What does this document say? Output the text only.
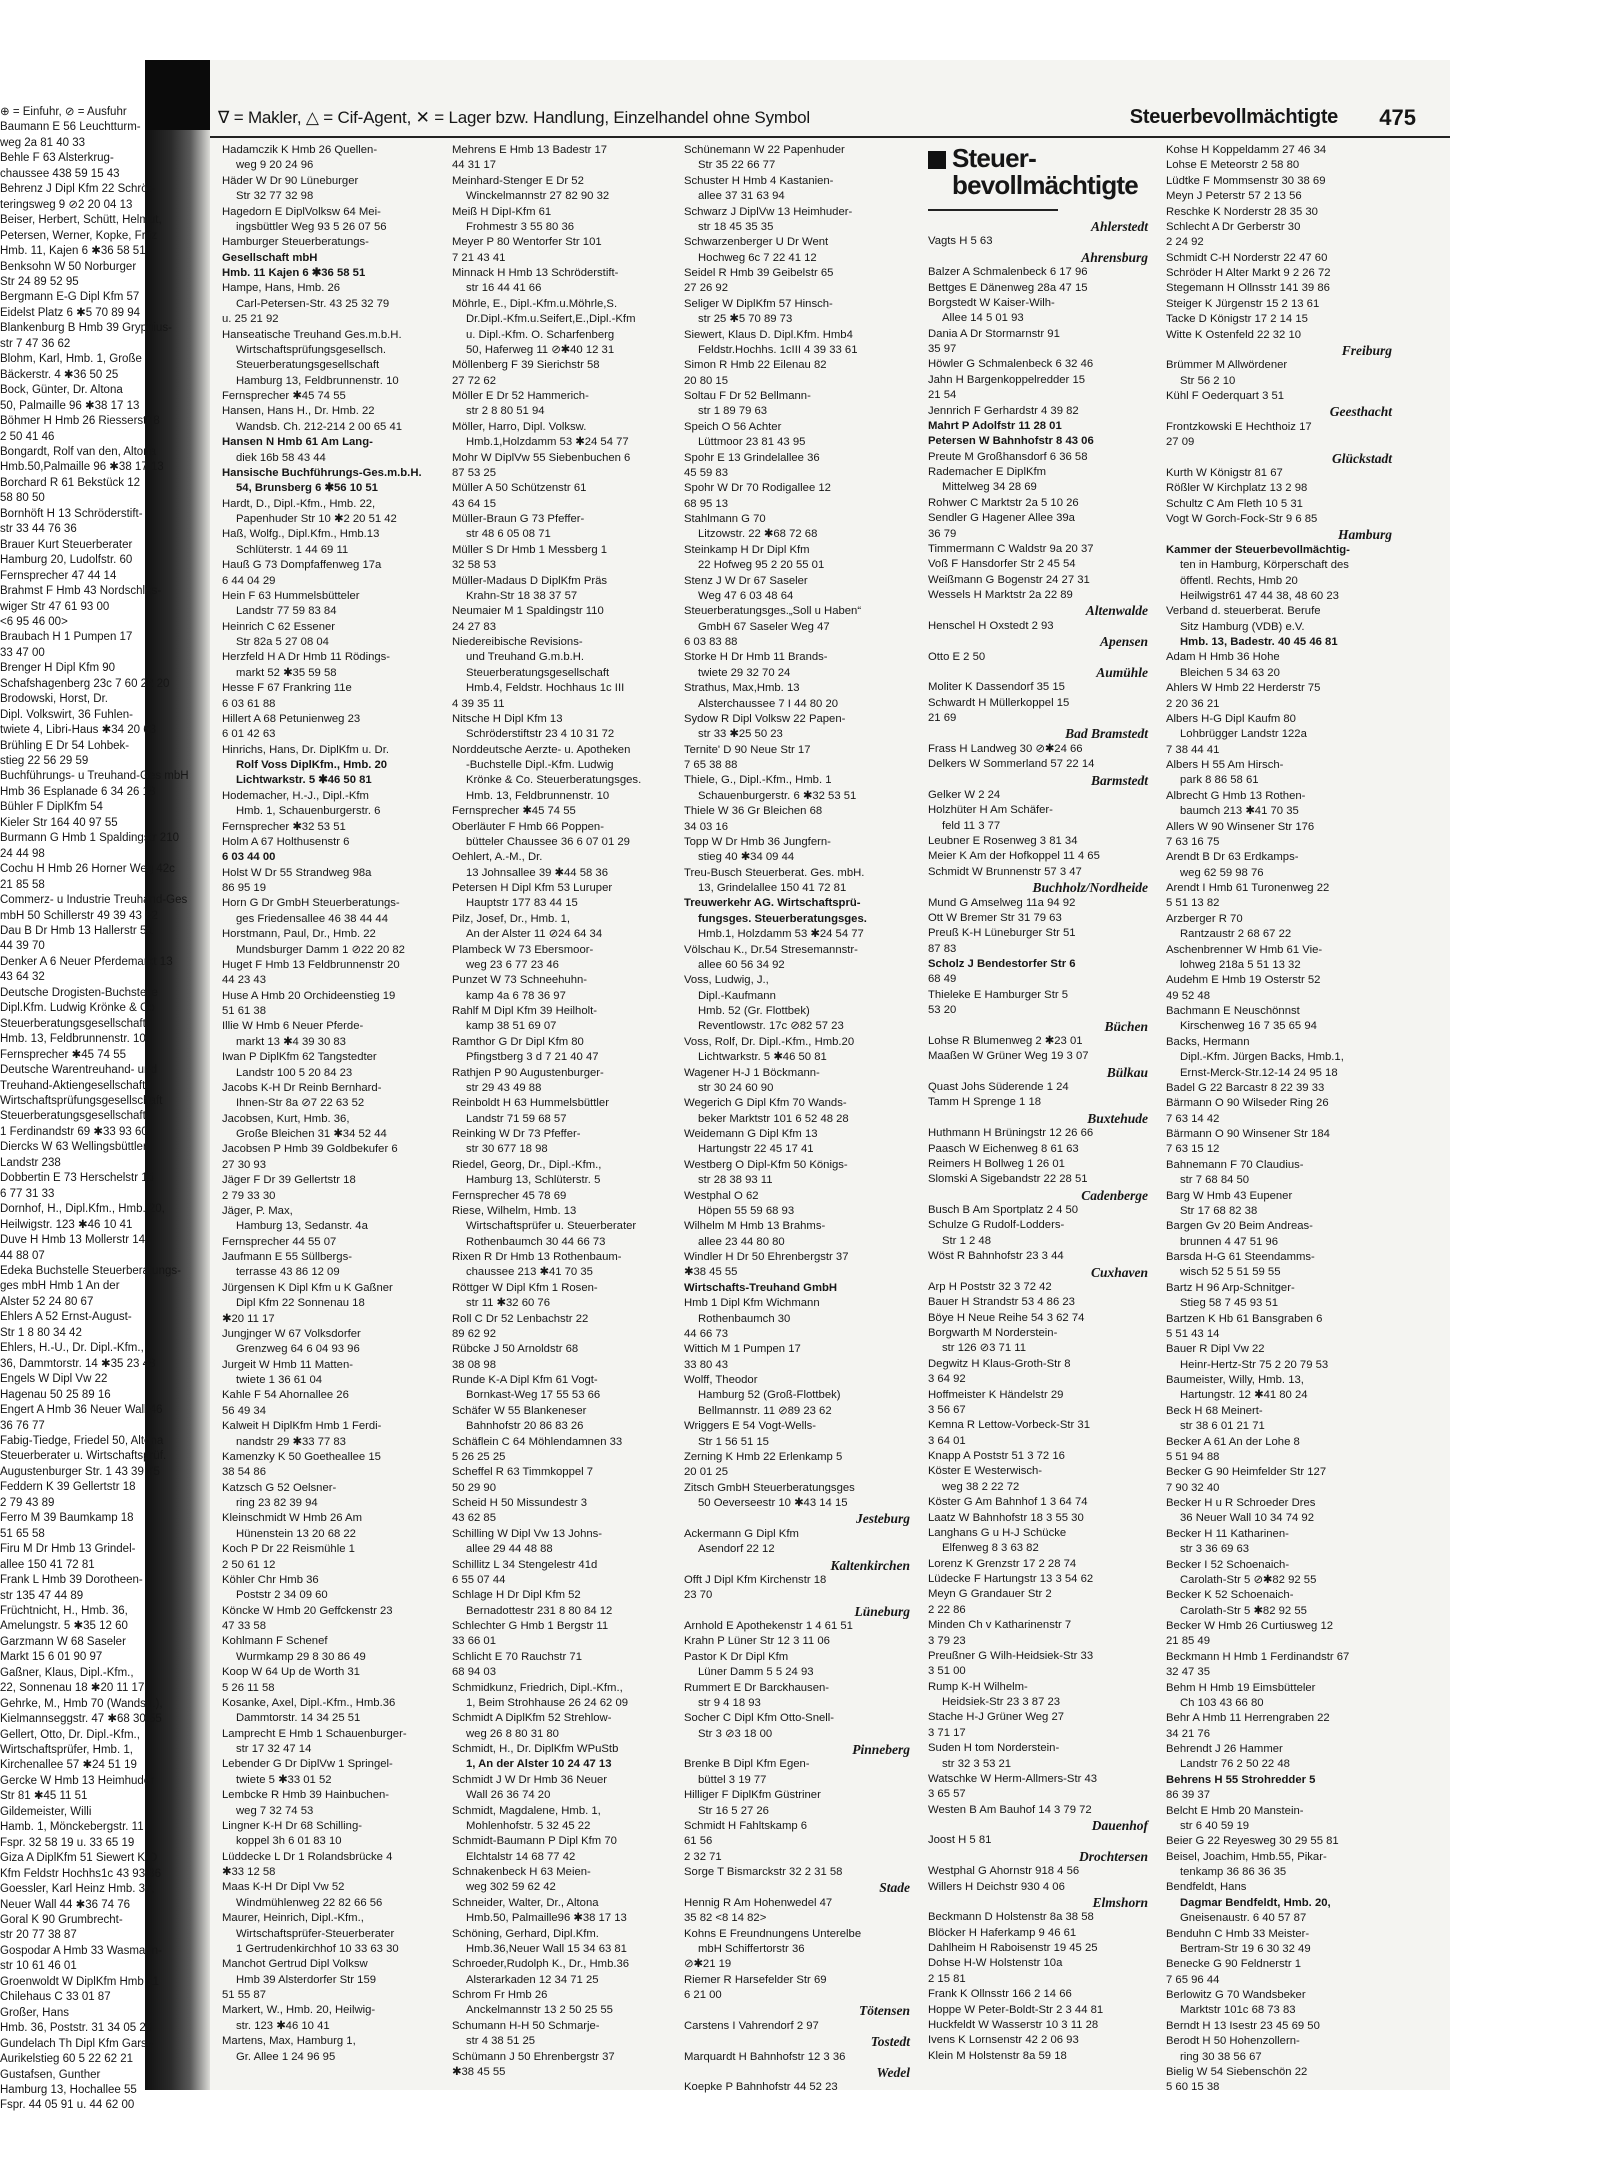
⊕ = Einfuhr, ⊘ = Ausfuhr
Baumann E 56 Leuchtturm-
weg 2a 81 40 33
Behle F 63 Alsterkrug-
chaussee 438 59 15 43
Behrenz J Dipl Kfm 22 Schröt-
teringsweg 9 ⊘2 20 04 13
Beiser, Herbert, Schütt, Helmut,
Petersen, Werner, Kopke, Fritz
Hmb. 11, Kajen 6 ✱36 58 51
Benksohn W 50 Norburger
Str 24 89 52 95
Bergmann E-G Dipl Kfm 57
Eidelst Platz 6 ✱5 70 89 94
Blankenburg B Hmb 39 Gryphius-
str 7 47 36 62
Blohm, Karl, Hmb. 1, Große
Bäckerstr. 4 ✱36 50 25
Bock, Günter, Dr. Altona
50, Palmaille 96 ✱38 17 13
Böhmer H Hmb 26 Riesserstr 8
2 50 41 46
Bongardt, Rolf van den, Altona
Hmb.50,Palmaille 96 ✱38 17 13
Borchard R 61 Bekstück 12
58 80 50
Bornhöft H 13 Schröderstift-
str 33 44 76 36
Brauer Kurt Steuerberater
Hamburg 20, Ludolfstr. 60
Fernsprecher 47 44 14
Brahmst F Hmb 43 Nordschles-
wiger Str 47 61 93 00
<6 95 46 00>
Braubach H 1 Pumpen 17
33 47 00
Brenger H Dipl Kfm 90
Schafshagenberg 23c 7 60 22 20
Brodowski, Horst, Dr.
Dipl. Volkswirt, 36 Fuhlen-
twiete 4, Libri-Haus ✱34 20 63
Brühling E Dr 54 Lohbek-
stieg 22 56 29 59
Buchführungs- u Treuhand-Ges mbH
Hmb 36 Esplanade 6 34 26 18
Bühler F DiplKfm 54
Kieler Str 164 40 97 55
Burmann G Hmb 1 Spaldingstr 210
24 44 98
Cochu H Hmb 26 Horner Weg 42c
21 85 58
Commerz- u Industrie Treuhand-Ges
mbH 50 Schillerstr 49 39 43 82
Dau B Dr Hmb 13 Hallerstr 5a
44 39 70
Denker A 6 Neuer Pferdemarkt 13
43 64 32
Deutsche Drogisten-Buchstelle
Dipl.Kfm. Ludwig Krönke & Co
Steuerberatungsgesellschaft
Hmb. 13, Feldbrunnenstr. 10
Fernsprecher ✱45 74 55
Deutsche Warentreuhand- und
Treuhand-Aktiengesellschaft
Wirtschaftsprüfungsgesellschaft
Steuerberatungsgesellschaft
1 Ferdinandstr 69 ✱33 93 60
Diercks W 63 Wellingsbüttler
Landstr 238
Dobbertin E 73 Herschelstr 15
6 77 31 33
Dornhof, H., Dipl.Kfm., Hmb. 20,
Heilwigstr. 123 ✱46 10 41
Duve H Hmb 13 Mollerstr 14
44 88 07
Edeka Buchstelle Steuerberatungs-
ges mbH Hmb 1 An der
Alster 52 24 80 67
Ehlers A 52 Ernst-August-
Str 1 8 80 34 42
Ehlers, H.-U., Dr. Dipl.-Kfm.,
36, Dammtorstr. 14 ✱35 23 48
Engels W Dipl Vw 22
Hagenau 50 25 89 16
Engert A Hmb 36 Neuer Wall 46
36 76 77
Fabig-Tiedge, Friedel 50, Altona
Steuerberater u. Wirtschaftsprüf.
Augustenburger Str. 1 43 39 75
Feddern K 39 Gellertstr 18
2 79 43 89
Ferro M 39 Baumkamp 18
51 65 58
Firu M Dr Hmb 13 Grindel-
allee 150 41 72 81
Frank L Hmb 39 Dorotheen-
str 135 47 44 89
Früchtnicht, H., Hmb. 36,
Amelungstr. 5 ✱35 12 60
Garzmann W 68 Saseler
Markt 15 6 01 90 97
Gaßner, Klaus, Dipl.-Kfm.,
22, Sonnenau 18 ✱20 11 17
Gehrke, M., Hmb 70 (Wandsb.),
Kielmannseggstr. 47 ✱68 30 55
Gellert, Otto, Dr. Dipl.-Kfm.,
Wirtschaftsprüfer, Hmb. 1,
Kirchenallee 57 ✱24 51 19
Gercke W Hmb 13 Heimhuder
Str 81 ✱45 11 51
Gildemeister, Willi
Hamb. 1, Mönckebergstr. 11
Fspr. 32 58 19 u. 33 65 19
Giza A DiplKfm 51 Siewert K-D
Kfm Feldstr Hochhs1c 43 93 36
Goessler, Karl Heinz Hmb. 36,
Neuer Wall 44 ✱36 74 76
Goral K 90 Grumbrecht-
str 20 77 38 87
Gospodar A Hmb 33 Wasmann-
str 10 61 46 01
Groenwoldt W DiplKfm Hmb 11
Chilehaus C 33 01 87
Großer, Hans
Hmb. 36, Poststr. 31 34 05 25
Gundelach Th Dipl Kfm Garst-
Aurikelstieg 60 5 22 62 21
Gustafsen, Gunther
Hamburg 13, Hochallee 55
Fspr. 44 05 91 u. 44 62 00
∇ = Makler, △ = Cif-Agent, ✕ = Lager bzw. Handlung, Einzelhandel ohne Symbol	Steuerbevollmächtigte 475
Hadamczik K Hmb 26 Quellen-
weg 9 20 24 96
Häder W Dr 90 Lüneburger
Str 32 77 32 98
Hagedorn E DiplVolksw 64 Mei-
ingsbüttler Weg 93 5 26 07 56
Hamburger Steuerberatungs-
Gesellschaft mbH
Hmb. 11 Kajen 6 ✱36 58 51
Hampe, Hans, Hmb. 26
Carl-Petersen-Str. 43 25 32 79
u. 25 21 92
Hanseatische Treuhand Ges.m.b.H.
Wirtschaftsprüfungsgesellsch.
Steuerberatungsgesellschaft
Hamburg 13, Feldbrunnenstr. 10
Fernsprecher ✱45 74 55
Hansen, Hans H., Dr. Hmb. 22
Wandsb. Ch. 212-214 2 00 65 41
Hansen N Hmb 61 Am Lang-
diek 16b 58 43 44
Hansische Buchführungs-Ges.m.b.H.
54, Brunsberg 6 ✱56 10 51
Hardt, D., Dipl.-Kfm., Hmb. 22,
Papenhuder Str 10 ✱2 20 51 42
Haß, Wolfg., Dipl.Kfm., Hmb.13
Schlüterstr. 1 44 69 11
Hauß G 73 Dompfaffenweg 17a
6 44 04 29
Hein F 63 Hummelsbütteler
Landstr 77 59 83 84
Heinrich C 62 Essener
Str 82a 5 27 08 04
Herzfeld H A Dr Hmb 11 Rödings-
markt 52 ✱35 59 58
Hesse F 67 Frankring 11e
6 03 61 88
Hillert A 68 Petunienweg 23
6 01 42 63
Hinrichs, Hans, Dr. DiplKfm u. Dr.
Rolf Voss DiplKfm., Hmb. 20
Lichtwarkstr. 5 ✱46 50 81
Hodemacher, H.-J., Dipl.-Kfm
Hmb. 1, Schauenburgerstr. 6
Fernsprecher ✱32 53 51
Holm A 67 Holthusenstr 6
6 03 44 00
Holst W Dr 55 Strandweg 98a
86 95 19
Horn G Dr GmbH Steuerberatungs-
ges Friedensallee 46 38 44 44
Horstmann, Paul, Dr., Hmb. 22
Mundsburger Damm 1 ⊘22 20 82
Huget F Hmb 13 Feldbrunnenstr 20
44 23 43
Huse A Hmb 20 Orchideenstieg 19
51 61 38
Illie W Hmb 6 Neuer Pferde-
markt 13 ✱4 39 30 83
Iwan P DiplKfm 62 Tangstedter
Landstr 100 5 20 84 23
Jacobs K-H Dr Reinb Bernhard-
Ihnen-Str 8a ⊘7 22 63 52
Jacobsen, Kurt, Hmb. 36,
Große Bleichen 31 ✱34 52 44
Jacobsen P Hmb 39 Goldbekufer 6
27 30 93
Jäger F Dr 39 Gellertstr 18
2 79 33 30
Jäger, P. Max,
Hamburg 13, Sedanstr. 4a
Fernsprecher 44 55 07
Jaufmann E 55 Süllbergs-
terrasse 43 86 12 09
Jürgensen K Dipl Kfm u K Gaßner
Dipl Kfm 22 Sonnenau 18
✱20 11 17
Jungjnger W 67 Volksdorfer
Grenzweg 64 6 04 93 96
Jurgeit W Hmb 11 Matten-
twiete 1 36 61 04
Kahle F 54 Ahornallee 26
56 49 34
Kalweit H DiplKfm Hmb 1 Ferdi-
nandstr 29 ✱33 77 83
Kamenzky K 50 Goetheallee 15
38 54 86
Katzsch G 52 Oelsner-
ring 23 82 39 94
Kleinschmidt W Hmb 26 Am
Hünenstein 13 20 68 22
Koch P Dr 22 Reismühle 1
2 50 61 12
Köhler Chr Hmb 36
Poststr 2 34 09 60
Köncke W Hmb 20 Geffckenstr 23
47 33 58
Kohlmann F Schenef
Wurmkamp 29 8 30 86 49
Koop W 64 Up de Worth 31
5 26 11 58
Kosanke, Axel, Dipl.-Kfm., Hmb.36
Dammtorstr. 14 34 25 51
Lamprecht E Hmb 1 Schauenburger-
str 17 32 47 14
Lebender G Dr DiplVw 1 Springel-
twiete 5 ✱33 01 52
Lembcke R Hmb 39 Hainbuchen-
weg 7 32 74 53
Lingner K-H Dr 68 Schilling-
koppel 3h 6 01 83 10
Lüddecke L Dr 1 Rolandsbrücke 4
✱33 12 58
Maas K-H Dr Dipl Vw 52
Windmühlenweg 22 82 66 56
Maurer, Heinrich, Dipl.-Kfm.,
Wirtschaftsprüfer-Steuerberater
1 Gertrudenkirchhof 10 33 63 30
Manchot Gertrud Dipl Volksw
Hmb 39 Alsterdorfer Str 159
51 55 87
Markert, W., Hmb. 20, Heilwig-
str. 123 ✱46 10 41
Martens, Max, Hamburg 1,
Gr. Allee 1 24 96 95
Mehrens E Hmb 13 Badestr 17
44 31 17
Meinhard-Stenger E Dr 52
Winckelmannstr 27 82 90 32
Meiß H DipI-Kfm 61
Frohmestr 3 55 80 36
Meyer P 80 Wentorfer Str 101
7 21 43 41
Minnack H Hmb 13 Schröderstift-
str 16 44 41 66
Möhrle, E., Dipl.-Kfm.u.Möhrle,S.
Dr.Dipl.-Kfm.u.Seifert,E.,Dipl.-Kfm
u. Dipl.-Kfm. O. Scharfenberg
50, Haferweg 11 ⊘✱40 12 31
Möllenberg F 39 Sierichstr 58
27 72 62
Möller E Dr 52 Hammerich-
str 2 8 80 51 94
Möller, Harro, Dipl. Volksw.
Hmb.1,Holzdamm 53 ✱24 54 77
Mohr W DiplVw 55 Siebenbuchen 6
87 53 25
Müller A 50 Schützenstr 61
43 64 15
Müller-Braun G 73 Pfeffer-
str 48 6 05 08 71
Müller S Dr Hmb 1 Messberg 1
32 58 53
Müller-Madaus D DiplKfm Präs
Krahn-Str 18 38 37 57
Neumaier M 1 Spaldingstr 110
24 27 83
Niedereibische Revisions-
und Treuhand G.m.b.H.
Steuerberatungsgesellschaft
Hmb.4, Feldstr. Hochhaus 1c III
4 39 35 11
Nitsche H Dipl Kfm 13
Schröderstiftstr 23 4 10 31 72
Norddeutsche Aerzte- u. Apotheken
-Buchstelle Dipl.-Kfm. Ludwig
Krönke & Co. Steuerberatungsges.
Hmb. 13, Feldbrunnenstr. 10
Fernsprecher ✱45 74 55
Oberläuter F Hmb 66 Poppen-
bütteler Chaussee 36 6 07 01 29
Oehlert, A.-M., Dr.
13 Johnsallee 39 ✱44 58 36
Petersen H Dipl Kfm 53 Luruper
Hauptstr 177 83 44 15
Pilz, Josef, Dr., Hmb. 1,
An der Alster 11 ⊘24 64 34
Plambeck W 73 Ebersmoor-
weg 23 6 77 23 46
Punzet W 73 Schneehuhn-
kamp 4a 6 78 36 97
Rahlf M Dipl Kfm 39 Heilholt-
kamp 38 51 69 07
Ramthor G Dr Dipl Kfm 80
Pfingstberg 3 d 7 21 40 47
Rathjen P 90 Augustenburger-
str 29 43 49 88
Reinboldt H 63 Hummelsbüttler
Landstr 71 59 68 57
Reinking W Dr 73 Pfeffer-
str 30 677 18 98
Riedel, Georg, Dr., Dipl.-Kfm.,
Hamburg 13, Schlüterstr. 5
Fernsprecher 45 78 69
Riese, Wilhelm, Hmb. 13
Wirtschaftsprüfer u. Steuerberater
Rothenbaumch 30 44 66 73
Rixen R Dr Hmb 13 Rothenbaum-
chaussee 213 ✱41 70 35
Röttger W Dipl Kfm 1 Rosen-
str 11 ✱32 60 76
Roll C Dr 52 Lenbachstr 22
89 62 92
Rübcke J 50 Arnoldstr 68
38 08 98
Runde K-A Dipl Kfm 61 Vogt-
Bornkast-Weg 17 55 53 66
Schäfer W 55 Blankeneser
Bahnhofstr 20 86 83 26
Schäflein C 64 Möhlendamnen 33
5 26 25 25
Scheffel R 63 Timmkoppel 7
50 29 90
Scheid H 50 Missundestr 3
43 62 85
Schilling W Dipl Vw 13 Johns-
allee 29 44 48 88
Schillitz L 34 Stengelestr 41d
6 55 07 44
Schlage H Dr Dipl Kfm 52
Bernadottestr 231 8 80 84 12
Schlechter G Hmb 1 Bergstr 11
33 66 01
Schlicht E 70 Rauchstr 71
68 94 03
Schmidkunz, Friedrich, Dipl.-Kfm.,
1, Beim Strohhause 26 24 62 09
Schmidt A DiplKfm 52 Strehlow-
weg 26 8 80 31 80
Schmidt, H., Dr. DiplKfm WPuStb
1, An der Alster 10 24 47 13
Schmidt J W Dr Hmb 36 Neuer
Wall 26 36 74 20
Schmidt, Magdalene, Hmb. 1,
Mohlenhofstr. 5 32 45 22
Schmidt-Baumann P Dipl Kfm 70
Elchtalstr 14 68 77 42
Schnakenbeck H 63 Meien-
weg 302 59 62 42
Schneider, Walter, Dr., Altona
Hmb.50, Palmaille96 ✱38 17 13
Schöning, Gerhard, Dipl.Kfm.
Hmb.36,Neuer Wall 15 34 63 81
Schroeder,Rudolph K., Dr., Hmb.36
Alsterarkaden 12 34 71 25
Schrom Fr Hmb 26
Anckelmannstr 13 2 50 25 55
Schumann H-H 50 Schmarje-
str 4 38 51 25
Schümann J 50 Ehrenbergstr 37
✱38 45 55
Schünemann W 22 Papenhuder
Str 35 22 66 77
Schuster H Hmb 4 Kastanien-
allee 37 31 63 94
Schwarz J DiplVw 13 Heimhuder-
str 18 45 35 35
Schwarzenberger U Dr Went
Hochweg 6c 7 22 41 12
Seidel R Hmb 39 Geibelstr 65
27 26 92
Seliger W DiplKfm 57 Hinsch-
str 25 ✱5 70 89 73
Siewert, Klaus D. Dipl.Kfm. Hmb4
Feldstr.Hochhs. 1cIII 4 39 33 61
Simon R Hmb 22 Eilenau 82
20 80 15
Soltau F Dr 52 Bellmann-
str 1 89 79 63
Speich O 56 Achter
Lüttmoor 23 81 43 95
Spohr E 13 Grindelallee 36
45 59 83
Spohr W Dr 70 Rodigallee 12
68 95 13
Stahlmann G 70
Litzowstr. 22 ✱68 72 68
Steinkamp H Dr Dipl Kfm
22 Hofweg 95 2 20 55 01
Stenz J W Dr 67 Saseler
Weg 47 6 03 48 64
Steuerberatungsges.„Soll u Haben“
GmbH 67 Saseler Weg 47
6 03 83 88
Storke H Dr Hmb 11 Brands-
twiete 29 32 70 24
Strathus, Max,Hmb. 13
Alsterchaussee 7 I 44 80 20
Sydow R Dipl Volksw 22 Papen-
str 33 ✱25 50 23
Ternite' D 90 Neue Str 17
7 65 38 88
Thiele, G., Dipl.-Kfm., Hmb. 1
Schauenburgerstr. 6 ✱32 53 51
Thiele W 36 Gr Bleichen 68
34 03 16
Topp W Dr Hmb 36 Jungfern-
stieg 40 ✱34 09 44
Treu-Busch Steuerberat. Ges. mbH.
13, Grindelallee 150 41 72 81
Treuwerkehr AG. Wirtschaftsprü-
fungsges. Steuerberatungsges.
Hmb.1, Holzdamm 53 ✱24 54 77
Völschau K., Dr.54 Stresemannstr-
allee 60 56 34 92
Voss, Ludwig, J.,
Dipl.-Kaufmann
Hmb. 52 (Gr. Flottbek)
Reventlowstr. 17c ⊘82 57 23
Voss, Rolf, Dr. Dipl.-Kfm., Hmb.20
Lichtwarkstr. 5 ✱46 50 81
Wagener H-J 1 Böckmann-
str 30 24 60 90
Wegerich G Dipl Kfm 70 Wands-
beker Marktstr 101 6 52 48 28
Weidemann G Dipl Kfm 13
Hartungstr 22 45 17 41
Westberg O Dipl-Kfm 50 Königs-
str 28 38 93 11
Westphal O 62
Höpen 55 59 68 93
Wilhelm M Hmb 13 Brahms-
allee 23 44 80 80
Windler H Dr 50 Ehrenbergstr 37
✱38 45 55
Wirtschafts-Treuhand GmbH
Hmb 1 Dipl Kfm Wichmann
Rothenbaumch 30
44 66 73
Wittich M 1 Pumpen 17
33 80 43
Wolff, Theodor
Hamburg 52 (Groß-Flottbek)
Bellmannstr. 11 ⊘89 23 62
Wriggers E 54 Vogt-Wells-
Str 1 56 51 15
Zerning K Hmb 22 Erlenkamp 5
20 01 25
Zitsch GmbH Steuerberatungsges
50 Oeverseestr 10 ✱43 14 15
Jesteburg
Ackermann G Dipl Kfm
Asendorf 22 12
Kaltenkirchen
Offt J Dipl Kfm Kirchenstr 18
23 70
Lüneburg
Arnhold E Apothekenstr 1 4 61 51
Krahn P Lüner Str 12 3 11 06
Pastor K Dr Dipl Kfm
Lüner Damm 5 5 24 93
Rummert E Dr Barckhausen-
str 9 4 18 93
Socher C Dipl Kfm Otto-Snell-
Str 3 ⊘3 18 00
Pinneberg
Brenke B Dipl Kfm Egen-
büttel 3 19 77
Hilliger F DiplKfm Güstriner
Str 16 5 27 26
Schmidt H Fahltskamp 6
61 56
2 32 71
Sorge T Bismarckstr 32 2 31 58
Stade
Hennig R Am Hohenwedel 47
35 82 <8 14 82>
Kohns E Freundnungens Unterelbe
mbH Schiffertorstr 36
⊘✱21 19
Riemer R Harsefelder Str 69
6 21 00
Tötensen
Carstens I Vahrendorf 2 97
Tostedt
Marquardt H Bahnhofstr 12 3 36
Wedel
Koepke P Bahnhofstr 44 52 23
Steuer-
bevollmächtigte
Ahlerstedt
Vagts H 5 63
Ahrensburg
Balzer A Schmalenbeck 6 17 96
Bettges E Dänenweg 28a 47 15
Borgstedt W Kaiser-Wilh-
Allee 14 5 01 93
Dania A Dr Stormarnstr 91
35 97
Höwler G Schmalenbeck 6 32 46
Jahn H Bargenkoppelredder 15
21 54
Jennrich F Gerhardstr 4 39 82
Mahrt P Adolfstr 11 28 01
Petersen W Bahnhofstr 8 43 06
Preute M Großhansdorf 6 36 58
Rademacher E DiplKfm
Mittelweg 34 28 69
Rohwer C Marktstr 2a 5 10 26
Sendler G Hagener Allee 39a
36 79
Timmermann C Waldstr 9a 20 37
Voß F Hansdorfer Str 2 45 54
Weißmann G Bogenstr 24 27 31
Wessels H Marktstr 2a 22 89
Altenwalde
Henschel H Oxstedt 2 93
Apensen
Otto E 2 50
Aumühle
Moliter K Dassendorf 35 15
Schwardt H Müllerkoppel 15
21 69
Bad Bramstedt
Frass H Landweg 30 ⊘✱24 66
Delkers W Sommerland 57 22 14
Barmstedt
Gelker W 2 24
Holzhüter H Am Schäfer-
feld 11 3 77
Leubner E Rosenweg 3 81 34
Meier K Am der Hofkoppel 11 4 65
Schmidt W Brunnenstr 57 3 47
Buchholz/Nordheide
Mund G Amselweg 11a 94 92
Ott W Bremer Str 31 79 63
Preuß K-H Lüneburger Str 51
87 83
Scholz J Bendestorfer Str 6
68 49
Thieleke E Hamburger Str 5
53 20
Büchen
Lohse R Blumenweg 2 ✱23 01
Maaßen W Grüner Weg 19 3 07
Bülkau
Quast Johs Süderende 1 24
Tamm H Sprenge 1 18
Buxtehude
Huthmann H Brüningstr 12 26 66
Paasch W Eichenweg 8 61 63
Reimers H Bollweg 1 26 01
Slomski A Sigebandstr 22 28 51
Cadenberge
Busch B Am Sportplatz 2 4 50
Schulze G Rudolf-Lodders-
Str 1 2 48
Wöst R Bahnhofstr 23 3 44
Cuxhaven
Arp H Poststr 32 3 72 42
Bauer H Strandstr 53 4 86 23
Böye H Neue Reihe 54 3 62 74
Borgwarth M Norderstein-
str 126 ⊘3 71 11
Degwitz H Klaus-Groth-Str 8
3 64 92
Hoffmeister K Händelstr 29
3 56 67
Kemna R Lettow-Vorbeck-Str 31
3 64 01
Knapp A Poststr 51 3 72 16
Köster E Westerwisch-
weg 38 2 22 72
Köster G Am Bahnhof 1 3 64 74
Laatz W Bahnhofstr 18 3 55 30
Langhans G u H-J Schücke
Elfenweg 8 3 63 82
Lorenz K Grenzstr 17 2 28 74
Lüdecke F Hartungstr 13 3 54 62
Meyn G Grandauer Str 2
2 22 86
Minden Ch v Katharinenstr 7
3 79 23
Preußner G Wilh-Heidsiek-Str 33
3 51 00
Rump K-H Wilhelm-
Heidsiek-Str 23 3 87 23
Stache H-J Grüner Weg 27
3 71 17
Suden H tom Norderstein-
str 32 3 53 21
Watschke W Herm-Allmers-Str 43
3 65 57
Westen B Am Bauhof 14 3 79 72
Dauenhof
Joost H 5 81
Drochtersen
Westphal G Ahornstr 918 4 56
Willers H Deichstr 930 4 06
Elmshorn
Beckmann D Holstenstr 8a 38 58
Blöcker H Haferkamp 9 46 61
Dahlheim H Raboisenstr 19 45 25
Dohse H-W Holstenstr 10a
2 15 81
Frank K Ollnsstr 166 2 14 66
Hoppe W Peter-Boldt-Str 2 3 44 81
Huckfeldt W Wasserstr 10 3 11 28
Ivens K Lornsenstr 42 2 06 93
Klein M Holstenstr 8a 59 18
Kohse H Koppeldamm 27 46 34
Lohse E Meteorstr 2 58 80
Lüdtke F Mommsenstr 30 38 69
Meyn J Peterstr 57 2 13 56
Reschke K Norderstr 28 35 30
Schlecht A Dr Gerberstr 30
2 24 92
Schmidt C-H Norderstr 22 47 60
Schröder H Alter Markt 9 2 26 72
Stegemann H Ollnsstr 141 39 86
Steiger K Jürgenstr 15 2 13 61
Tacke D Königstr 17 2 14 15
Witte K Ostenfeld 22 32 10
Freiburg
Brümmer M Allwördener
Str 56 2 10
Kühl F Oederquart 3 51
Geesthacht
Frontzkowski E Hechthoiz 17
27 09
Glückstadt
Kurth W Königstr 81 67
Rößler W Kirchplatz 13 2 98
Schultz C Am Fleth 10 5 31
Vogt W Gorch-Fock-Str 9 6 85
Hamburg
Kammer der Steuerbevollmächtig-
ten in Hamburg, Körperschaft des
öffentl. Rechts, Hmb 20
Heilwigstr61 47 44 38, 48 60 23
Verband d. steuerberat. Berufe
Sitz Hamburg (VDB) e.V.
Hmb. 13, Badestr. 40 45 46 81
Adam H Hmb 36 Hohe
Bleichen 5 34 63 20
Ahlers W Hmb 22 Herderstr 75
2 20 36 21
Albers H-G Dipl Kaufm 80
Lohbrügger Landstr 122a
7 38 44 41
Albers H 55 Am Hirsch-
park 8 86 58 61
Albrecht G Hmb 13 Rothen-
baumch 213 ✱41 70 35
Allers W 90 Winsener Str 176
7 63 16 75
Arendt B Dr 63 Erdkamps-
weg 62 59 98 76
Arendt I Hmb 61 Turonenweg 22
5 51 13 82
Arzberger R 70
Rantzaustr 2 68 67 22
Aschenbrenner W Hmb 61 Vie-
lohweg 218a 5 51 13 32
Audehm E Hmb 19 Osterstr 52
49 52 48
Bachmann E Neuschönnst
Kirschenweg 16 7 35 65 94
Backs, Hermann
Dipl.-Kfm. Jürgen Backs, Hmb.1,
Ernst-Merck-Str.12-14 24 95 18
Badel G 22 Barcastr 8 22 39 33
Bärmann O 90 Wilseder Ring 26
7 63 14 42
Bärmann O 90 Winsener Str 184
7 63 15 12
Bahnemann F 70 Claudius-
str 7 68 84 50
Barg W Hmb 43 Eupener
Str 17 68 82 38
Bargen Gv 20 Beim Andreas-
brunnen 4 47 51 96
Barsda H-G 61 Steendamms-
wisch 52 5 51 59 55
Bartz H 96 Arp-Schnitger-
Stieg 58 7 45 93 51
Bartzen K Hb 61 Bansgraben 6
5 51 43 14
Bauer R Dipl Vw 22
Heinr-Hertz-Str 75 2 20 79 53
Baumeister, Willy, Hmb. 13,
Hartungstr. 12 ✱41 80 24
Beck H 68 Meinert-
str 38 6 01 21 71
Becker A 61 An der Lohe 8
5 51 94 88
Becker G 90 Heimfelder Str 127
7 90 32 40
Becker H u R Schroeder Dres
36 Neuer Wall 10 34 74 92
Becker H 11 Katharinen-
str 3 36 69 63
Becker I 52 Schoenaich-
Carolath-Str 5 ⊘✱82 92 55
Becker K 52 Schoenaich-
Carolath-Str 5 ✱82 92 55
Becker W Hmb 26 Curtiusweg 12
21 85 49
Beckmann H Hmb 1 Ferdinandstr 67
32 47 35
Behm H Hmb 19 Eimsbütteler
Ch 103 43 66 80
Behr A Hmb 11 Herrengraben 22
34 21 76
Behrendt J 26 Hammer
Landstr 76 2 50 22 48
Behrens H 55 Strohredder 5
86 39 37
Belcht E Hmb 20 Manstein-
str 6 40 59 19
Beier G 22 Reyesweg 30 29 55 81
Beisel, Joachim, Hmb.55, Pikar-
tenkamp 36 86 36 35
Bendfeldt, Hans
Dagmar Bendfeldt, Hmb. 20,
Gneisenaustr. 6 40 57 87
Benduhn C Hmb 33 Meister-
Bertram-Str 19 6 30 32 49
Benecke G 90 Feldnerstr 1
7 65 96 44
Berlowitz G 70 Wandsbeker
Marktstr 101c 68 73 83
Berndt H 13 Isestr 23 45 69 50
Berodt H 50 Hohenzollern-
ring 30 38 56 67
Bielig W 54 Siebenschön 22
5 60 15 38
